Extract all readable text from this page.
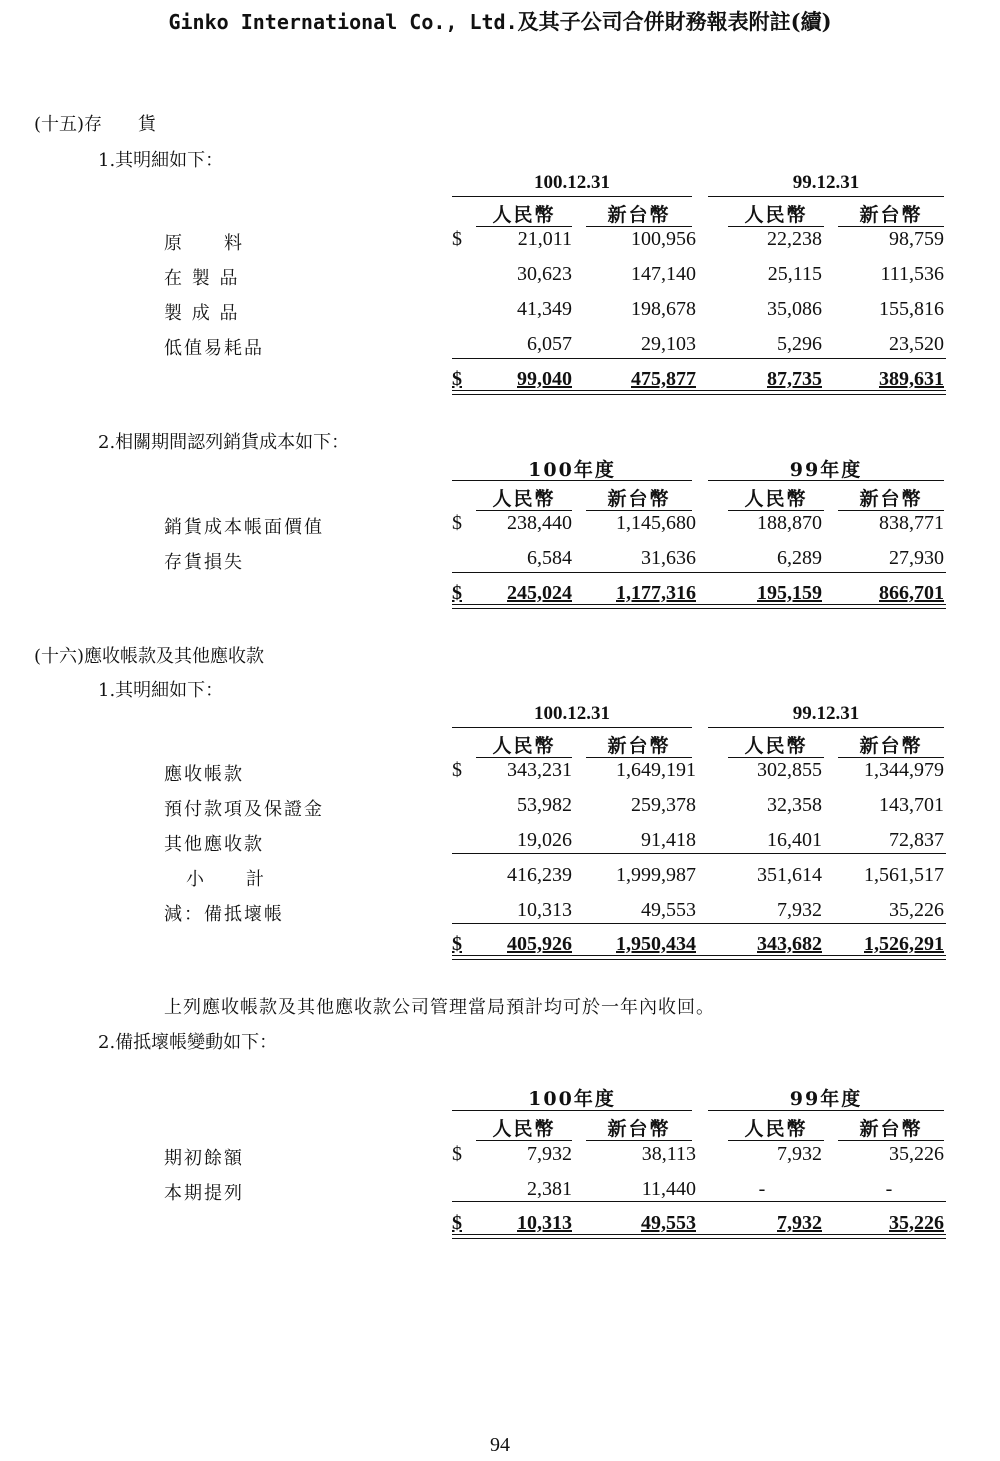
Ginko International Co., Ltd.及其子公司合併財務報表附註(續)
(十五)存　　貨
1.其明細如下：
100.12.31	99.12.31
人民幣	新台幣	人民幣	新台幣
原　　料	$	21,011	100,956	22,238	98,759
在 製 品	30,623	147,140	25,115	111,536
製 成 品	41,349	198,678	35,086	155,816
低值易耗品	6,057	29,103	5,296	23,520
$	99,040	475,877	87,735	389,631
2.相關期間認列銷貨成本如下：
100年度	99年度
人民幣	新台幣	人民幣	新台幣
銷貨成本帳面價值	$	238,440	1,145,680	188,870	838,771
存貨損失	6,584	31,636	6,289	27,930
$	245,024	1,177,316	195,159	866,701
(十六)應收帳款及其他應收款
1.其明細如下：
100.12.31	99.12.31
人民幣	新台幣	人民幣	新台幣
應收帳款	$	343,231	1,649,191	302,855	1,344,979
預付款項及保證金	53,982	259,378	32,358	143,701
其他應收款	19,026	91,418	16,401	72,837
小　　計	416,239	1,999,987	351,614	1,561,517
減：備抵壞帳	10,313	49,553	7,932	35,226
$	405,926	1,950,434	343,682	1,526,291
上列應收帳款及其他應收款公司管理當局預計均可於一年內收回。
2.備抵壞帳變動如下：
100年度	99年度
人民幣	新台幣	人民幣	新台幣
期初餘額	$	7,932	38,113	7,932	35,226
本期提列	2,381	11,440	-	-
$	10,313	49,553	7,932	35,226
94
